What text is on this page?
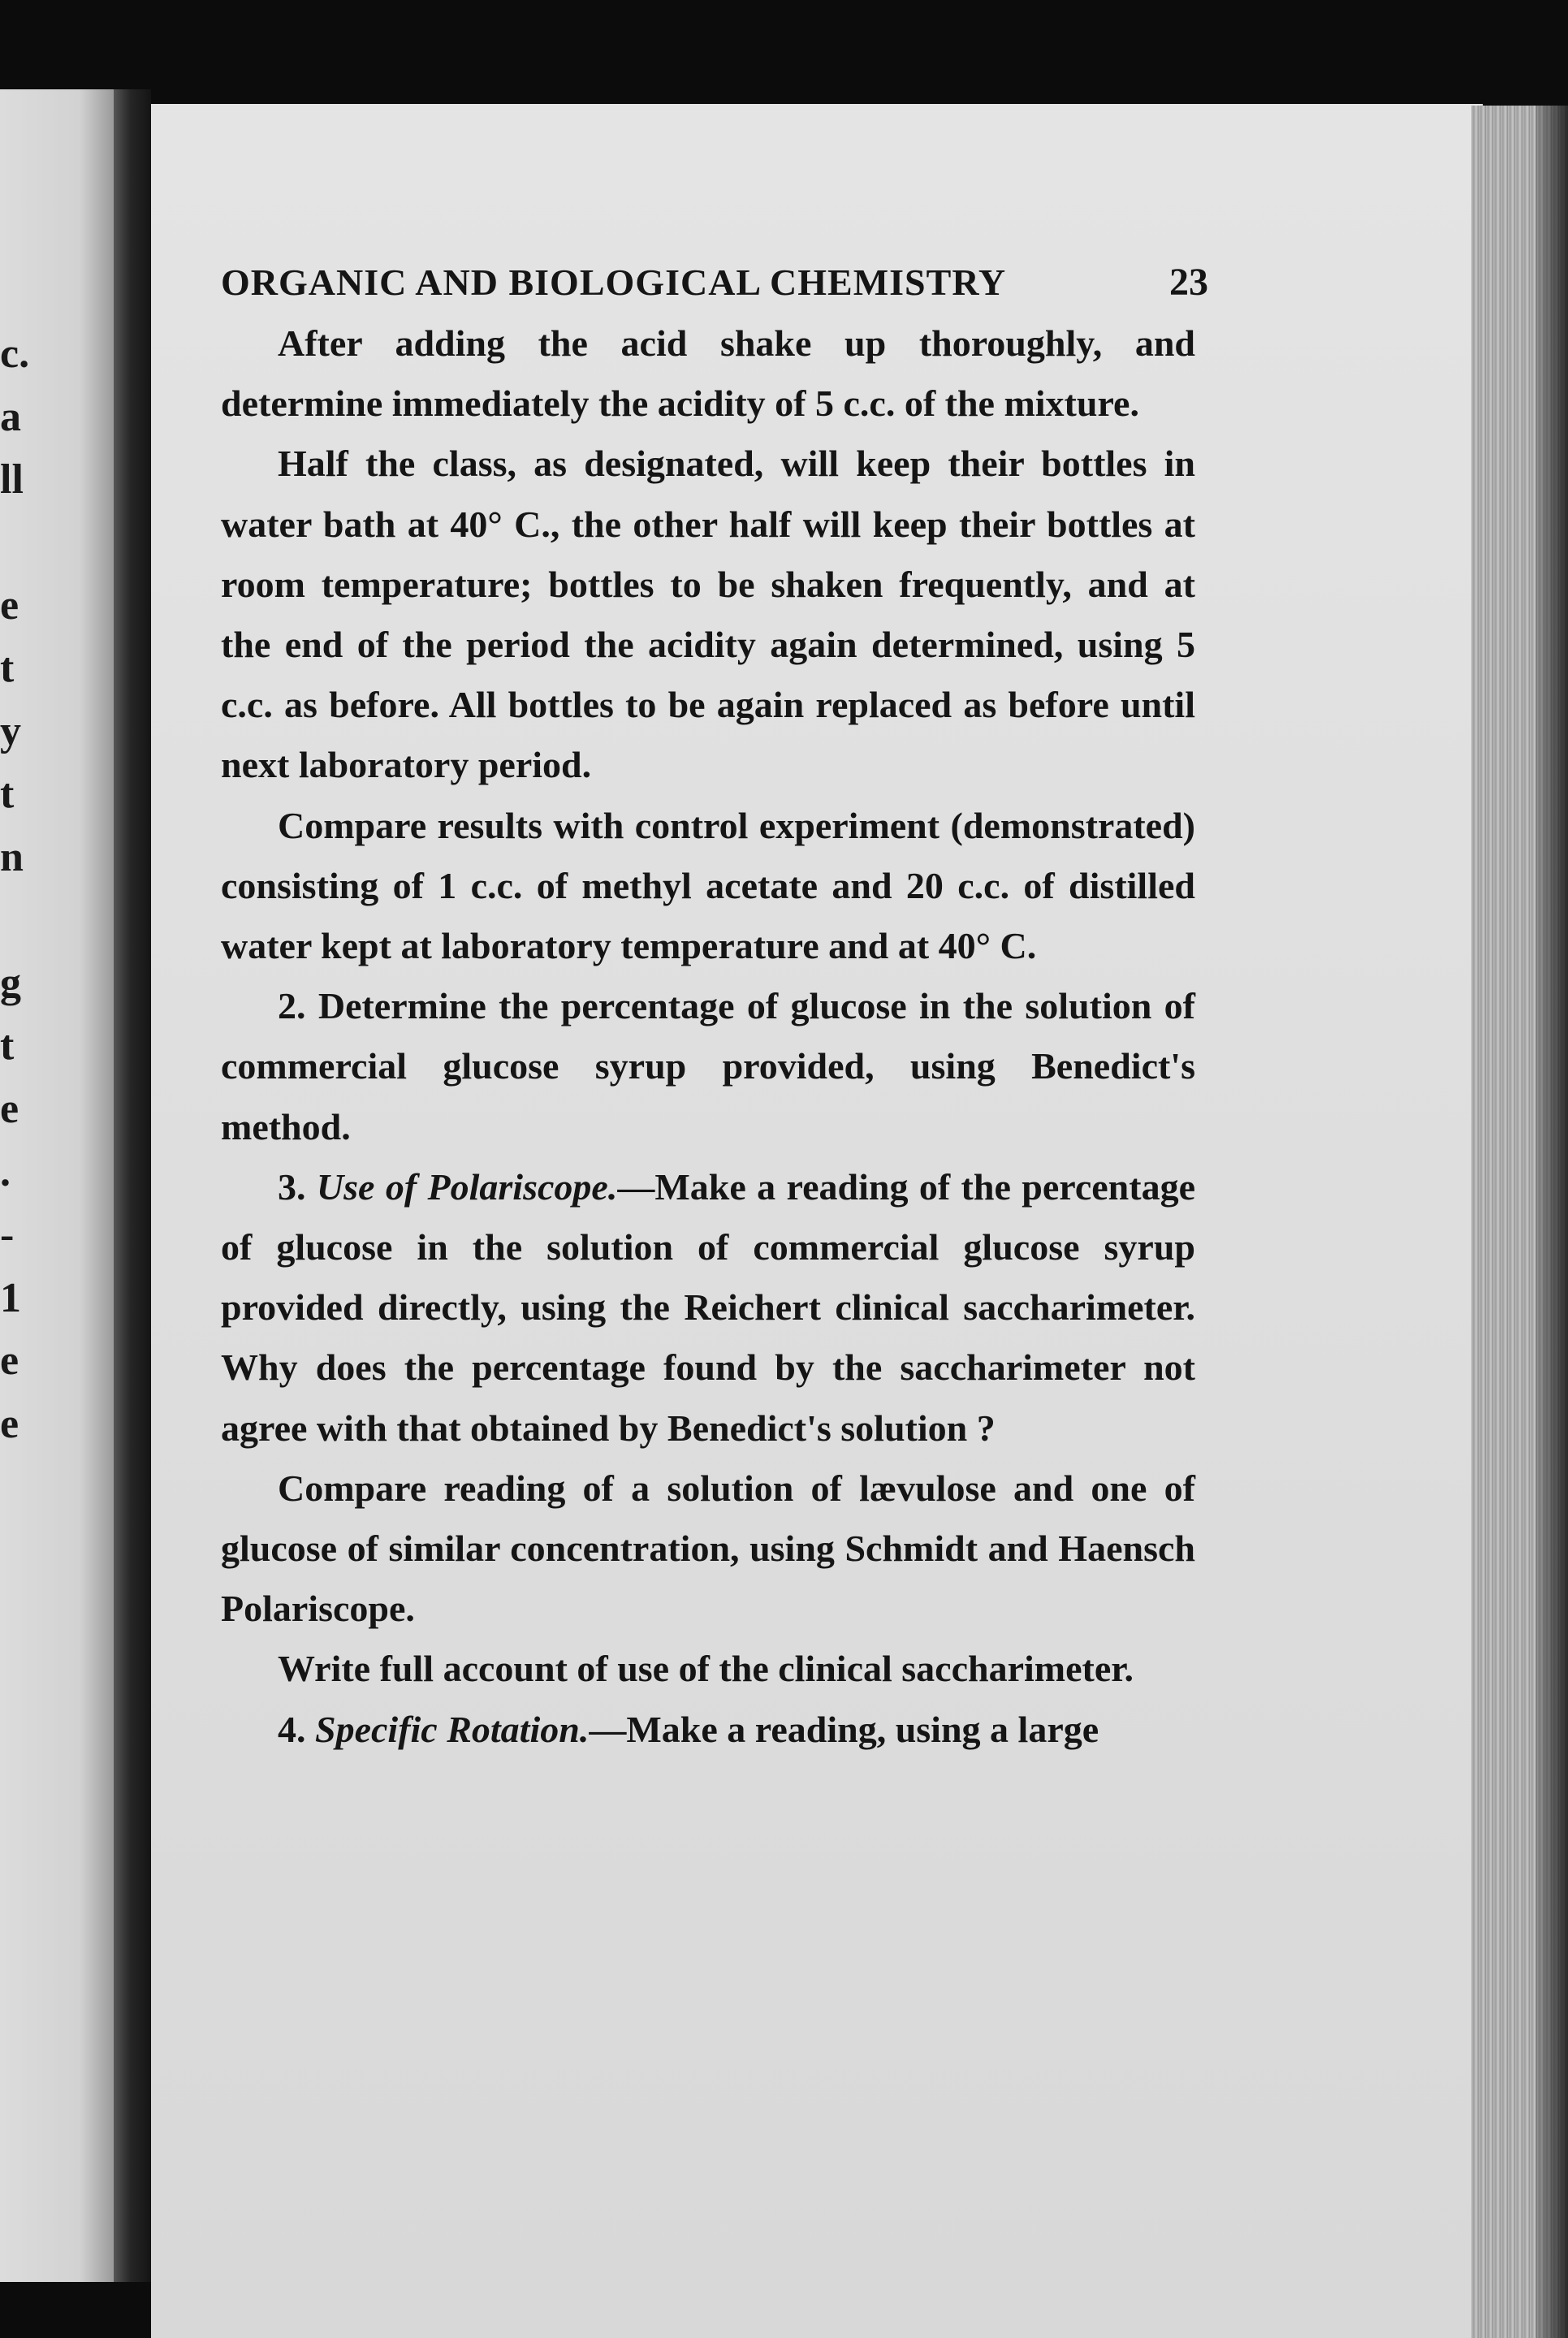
c.
a
ll
e
t
y
t
n
g
t
e
.
-
1
e
e
ORGANIC AND BIOLOGICAL CHEMISTRY	23

After adding the acid shake up thoroughly, and determine immediately the acidity of 5 c.c. of the mixture.

Half the class, as designated, will keep their bottles in water bath at 40° C., the other half will keep their bottles at room temperature; bottles to be shaken frequently, and at the end of the period the acidity again determined, using 5 c.c. as before. All bottles to be again replaced as before until next laboratory period.

Compare results with control experiment (demonstrated) consisting of 1 c.c. of methyl acetate and 20 c.c. of distilled water kept at laboratory temperature and at 40° C.

2. Determine the percentage of glucose in the solution of commercial glucose syrup provided, using Benedict's method.

3. Use of Polariscope.—Make a reading of the percentage of glucose in the solution of commercial glucose syrup provided directly, using the Reichert clinical saccharimeter. Why does the percentage found by the saccharimeter not agree with that obtained by Benedict's solution ?

Compare reading of a solution of lævulose and one of glucose of similar concentration, using Schmidt and Haensch Polariscope.

Write full account of use of the clinical saccharimeter.

4. Specific Rotation.—Make a reading, using a large
